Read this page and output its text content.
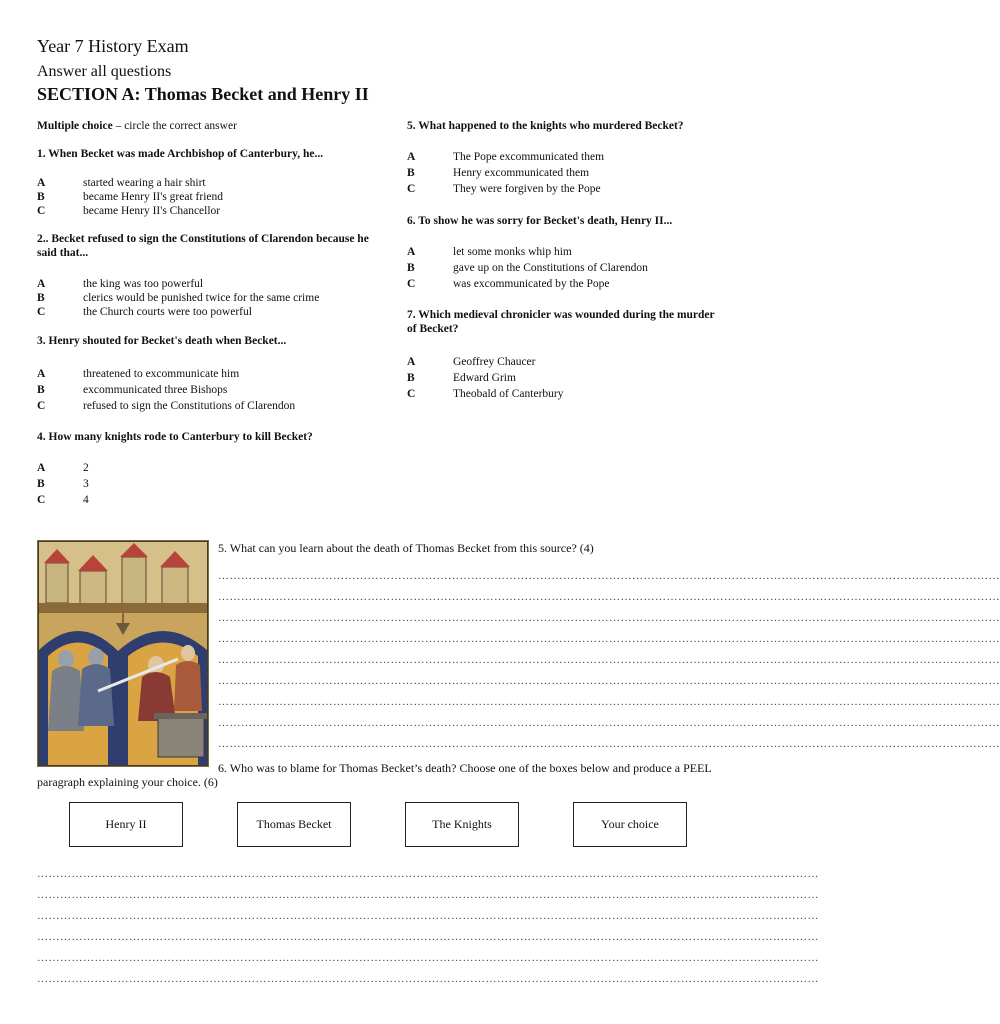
Year 7 History Exam
Answer all questions
SECTION A: Thomas Becket and Henry II
Multiple choice – circle the correct answer
1. When Becket was made Archbishop of Canterbury, he...
A	started wearing a hair shirt
B	became Henry II's great friend
C	became Henry II's Chancellor
2.. Becket refused to sign the Constitutions of Clarendon because he said that...
A	the king was too powerful
B	clerics would be punished twice for the same crime
C	the Church courts were too powerful
3. Henry shouted for Becket's death when Becket...
A	threatened to excommunicate him
B	excommunicated three Bishops
C	refused to sign the Constitutions of Clarendon
4. How many knights rode to Canterbury to kill Becket?
A	2
B	3
C	4
5. What happened to the knights who murdered Becket?
A	The Pope excommunicated them
B	Henry excommunicated them
C	They were forgiven by the Pope
6. To show he was sorry for Becket's death, Henry II...
A	let some monks whip him
B	gave up on the Constitutions of Clarendon
C	was excommunicated by the Pope
7. Which medieval chronicler was wounded during the murder of Becket?
A	Geoffrey Chaucer
B	Edward Grim
C	Theobald of Canterbury
5. What can you learn about the death of Thomas Becket from this source? (4)
……………………………………………………………………………………………………………………………………………………………………………………
……………………………………………………………………………………………………………………………………………………………………………………
……………………………………………………………………………………………………………………………………………………………………………………
……………………………………………………………………………………………………………………………………………………………………………………
……………………………………………………………………………………………………………………………………………………………………………………
……………………………………………………………………………………………………………………………………………………………………………………
……………………………………………………………………………………………………………………………………………………………………………………
……………………………………………………………………………………………………………………………………………………………………………………
……………………………………………………………………………………………………………………………………………………………………………………
6. Who was to blame for Thomas Becket’s death? Choose one of the boxes below and produce a PEEL paragraph explaining your choice. (6)
Henry II	Thomas Becket	The Knights	Your choice
……………………………………………………………………………………………………………………………………………………………………………………
……………………………………………………………………………………………………………………………………………………………………………………
……………………………………………………………………………………………………………………………………………………………………………………
……………………………………………………………………………………………………………………………………………………………………………………
……………………………………………………………………………………………………………………………………………………………………………………
……………………………………………………………………………………………………………………………………………………………………………………
